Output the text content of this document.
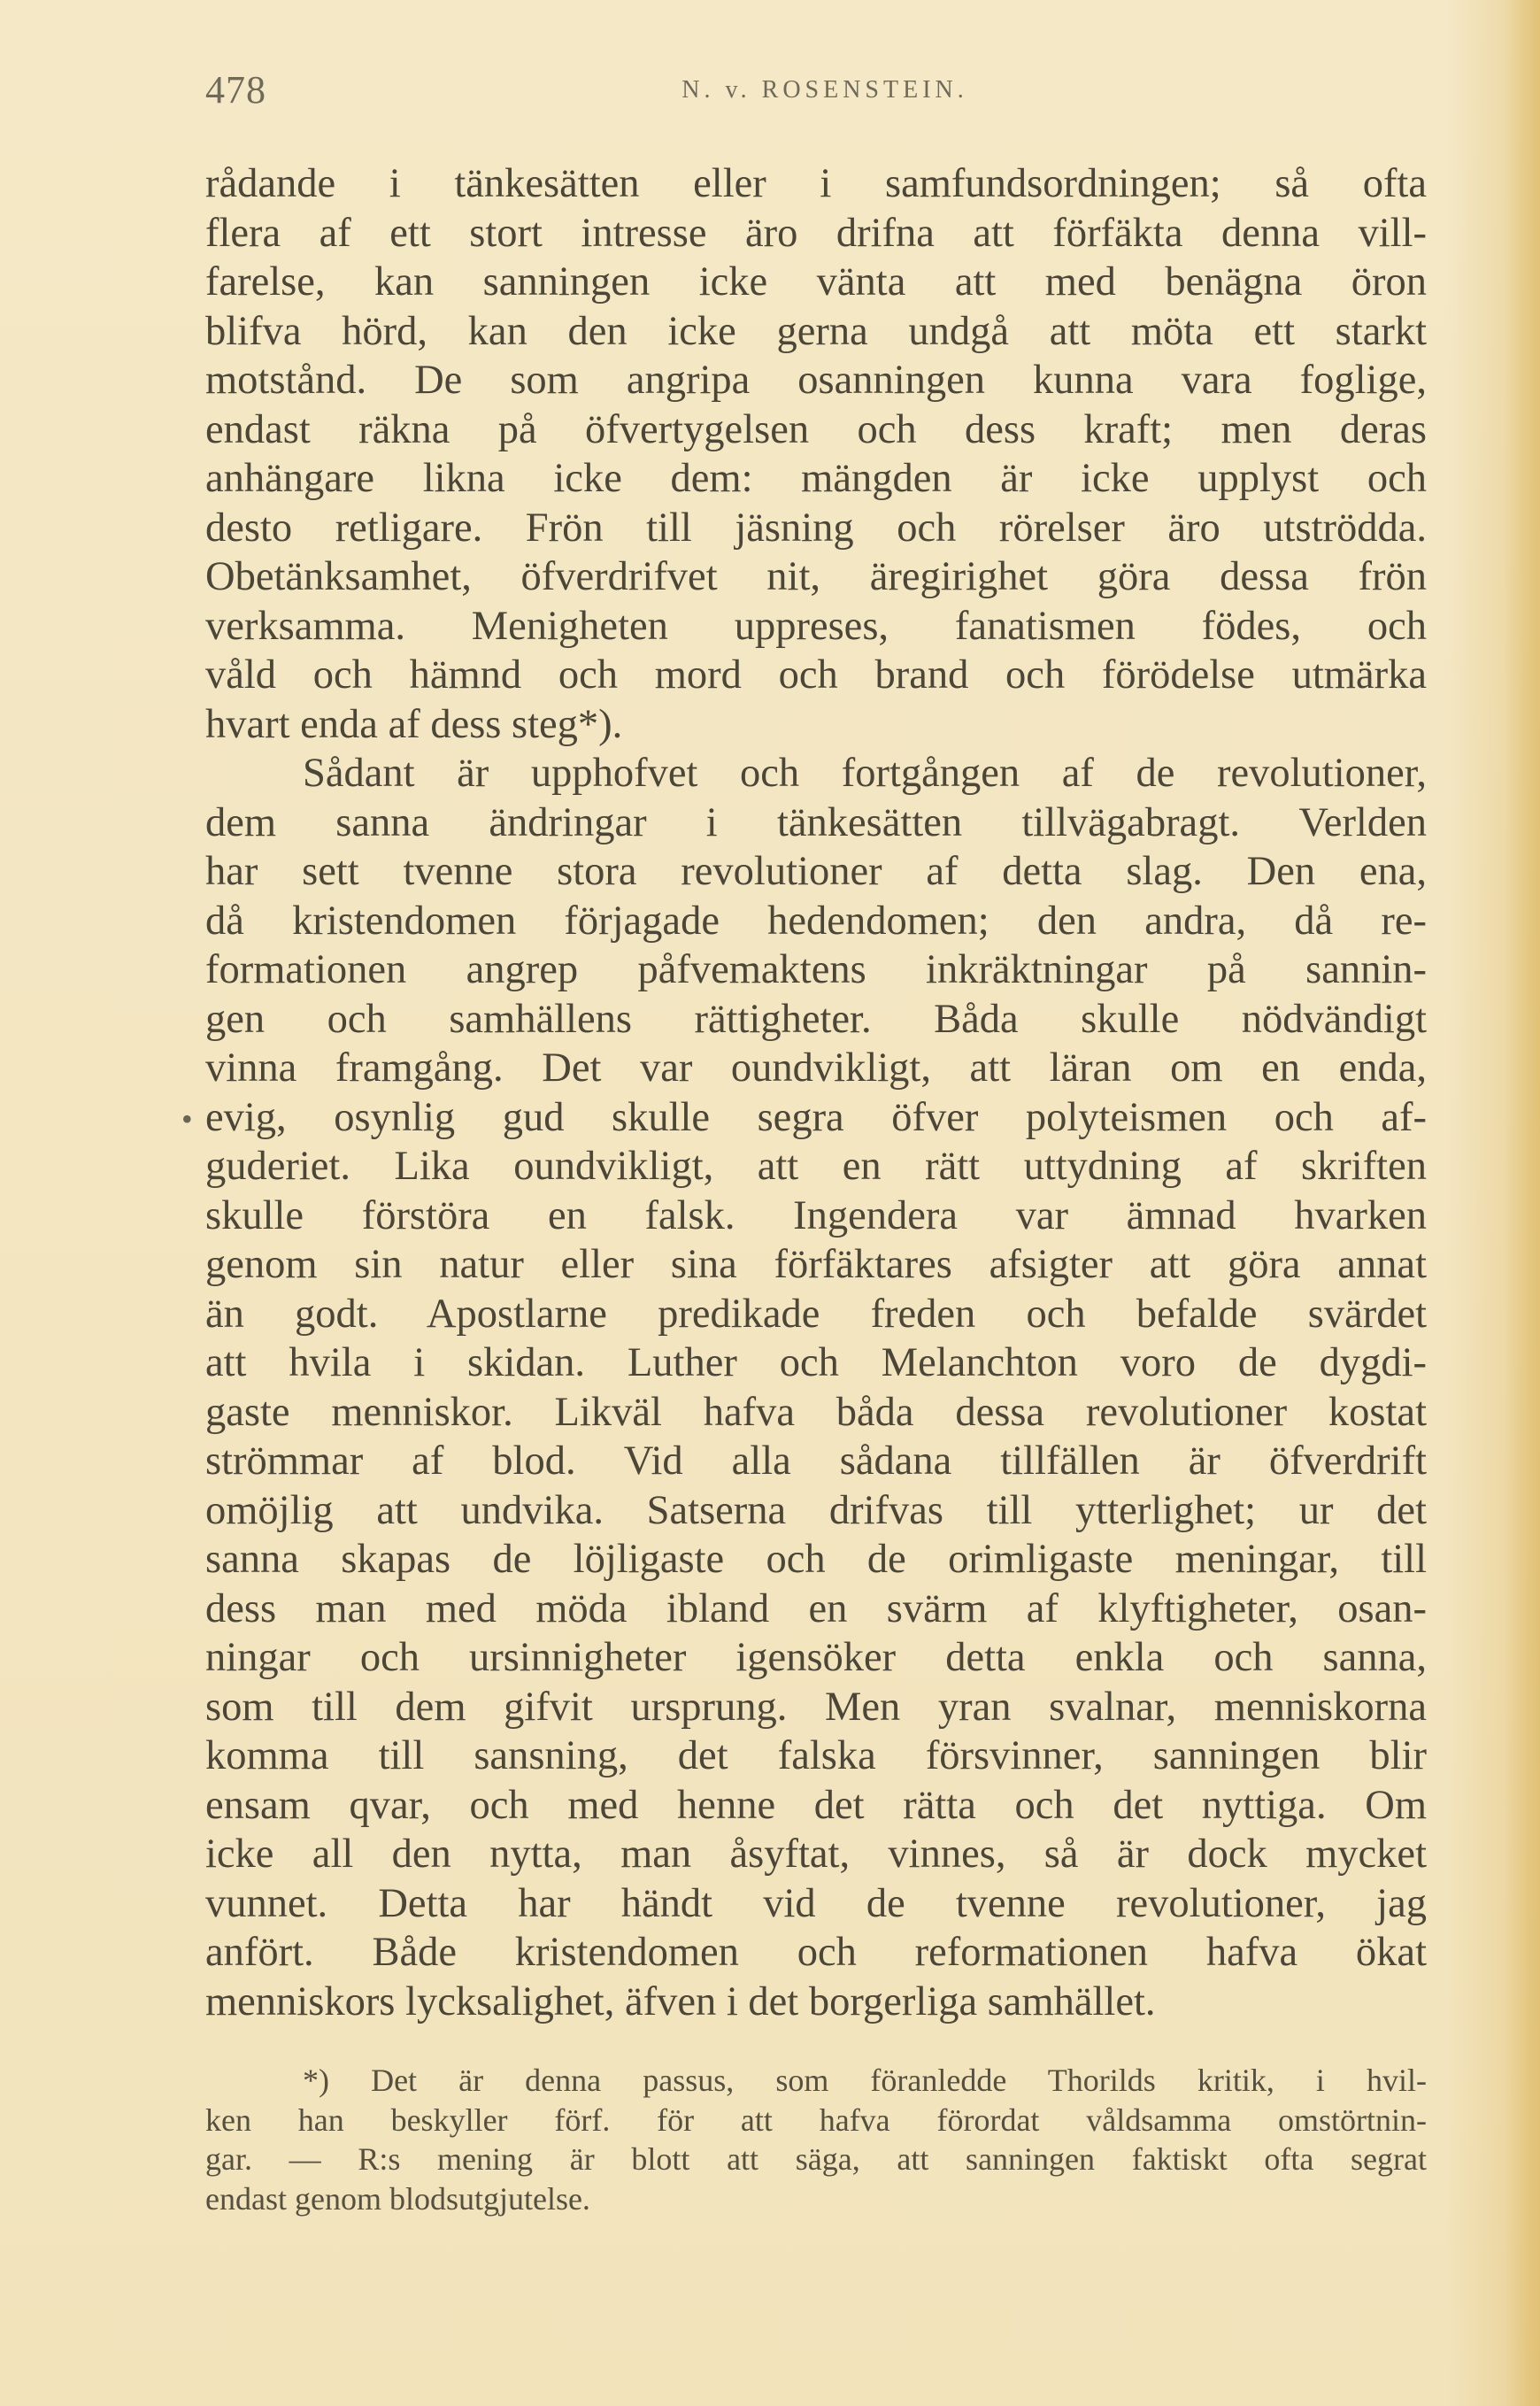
478	N. v. ROSENSTEIN.
•
rådande i tänkesätten eller i samfundsordningen; så ofta
flera af ett stort intresse äro drifna att förfäkta denna vill-
farelse, kan sanningen icke vänta att med benägna öron
blifva hörd, kan den icke gerna undgå att möta ett starkt
motstånd. De som angripa osanningen kunna vara foglige,
endast räkna på öfvertygelsen och dess kraft; men deras
anhängare likna icke dem: mängden är icke upplyst och
desto retligare. Frön till jäsning och rörelser äro utströdda.
Obetänksamhet, öfverdrifvet nit, äregirighet göra dessa frön
verksamma. Menigheten uppreses, fanatismen födes, och
våld och hämnd och mord och brand och förödelse utmärka
hvart enda af dess steg*).
Sådant är upphofvet och fortgången af de revolutioner,
dem sanna ändringar i tänkesätten tillvägabragt. Verlden
har sett tvenne stora revolutioner af detta slag. Den ena,
då kristendomen förjagade hedendomen; den andra, då re-
formationen angrep påfvemaktens inkräktningar på sannin-
gen och samhällens rättigheter. Båda skulle nödvändigt
vinna framgång. Det var oundvikligt, att läran om en enda,
evig, osynlig gud skulle segra öfver polyteismen och af-
guderiet. Lika oundvikligt, att en rätt uttydning af skriften
skulle förstöra en falsk. Ingendera var ämnad hvarken
genom sin natur eller sina förfäktares afsigter att göra annat
än godt. Apostlarne predikade freden och befalde svärdet
att hvila i skidan. Luther och Melanchton voro de dygdi-
gaste menniskor. Likväl hafva båda dessa revolutioner kostat
strömmar af blod. Vid alla sådana tillfällen är öfverdrift
omöjlig att undvika. Satserna drifvas till ytterlighet; ur det
sanna skapas de löjligaste och de orimligaste meningar, till
dess man med möda ibland en svärm af klyftigheter, osan-
ningar och ursinnigheter igensöker detta enkla och sanna,
som till dem gifvit ursprung. Men yran svalnar, menniskorna
komma till sansning, det falska försvinner, sanningen blir
ensam qvar, och med henne det rätta och det nyttiga. Om
icke all den nytta, man åsyftat, vinnes, så är dock mycket
vunnet. Detta har händt vid de tvenne revolutioner, jag
anfört. Både kristendomen och reformationen hafva ökat
menniskors lycksalighet, äfven i det borgerliga samhället.
*) Det är denna passus, som föranledde Thorilds kritik, i hvil-
ken han beskyller förf. för att hafva förordat våldsamma omstörtnin-
gar. — R:s mening är blott att säga, att sanningen faktiskt ofta segrat
endast genom blodsutgjutelse.
